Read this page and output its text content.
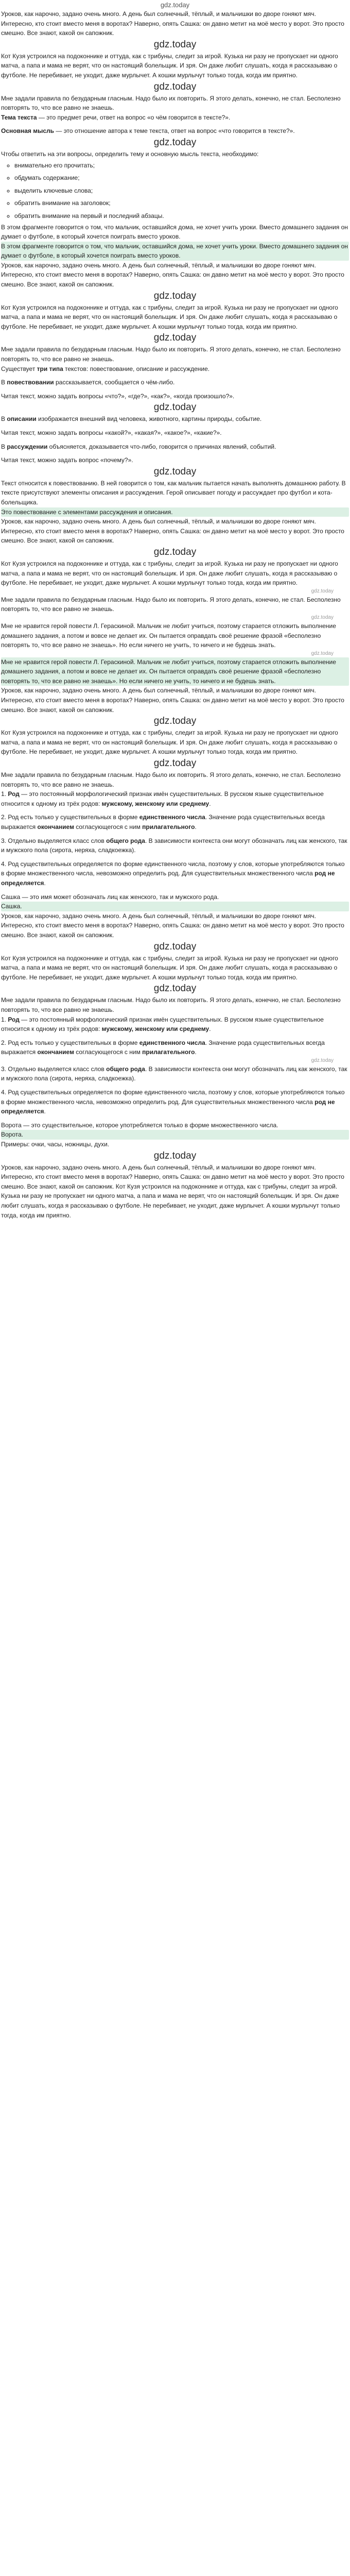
gdz.today

Уроков, как нарочно, задано очень много. А день был солнечный, тёплый, и мальчишки во дворе гоняют мяч. Интересно, кто стоит вместо меня в воротах? Наверно, опять Сашка: он давно метит на моё место у ворот. Это просто смешно. Все знают, какой он сапожник.

gdz.today

Кот Кузя устроился на подоконнике и оттуда, как с трибуны, следит за игрой. Кузька ни разу не пропускает ни одного матча, а папа и мама не верят, что он настоящий болельщик. И зря. Он даже любит слушать, когда я рассказываю о футболе. Не перебивает, не уходит, даже мурлычет. А кошки мурлычут только тогда, когда им приятно.

gdz.today

Мне задали правила по безударным гласным. Надо было их повторить. Я этого делать, конечно, не стал. Бесполезно повторять то, что все равно не знаешь.

Тема текста — это предмет речи, ответ на вопрос «о чём говорится в тексте?».

Основная мысль — это отношение автора к теме текста, ответ на вопрос «что говорится в тексте?».

gdz.today

Чтобы ответить на эти вопросы, определить тему и основную мысль текста, необходимо:

◦ внимательно его прочитать;
◦ обдумать содержание;
◦ выделить ключевые слова;
◦ обратить внимание на заголовок;
◦ обратить внимание на первый и последний абзацы.

В этом фрагменте говорится о том, что мальчик, оставшийся дома, не хочет учить уроки. Вместо домашнего задания он думает о футболе, в который хочется поиграть вместо уроков.

В этом фрагменте говорится о том, что мальчик, оставшийся дома, не хочет учить уроки. Вместо домашнего задания он думает о футболе, в который хочется поиграть вместо уроков.

Уроков, как нарочно, задано очень много. А день был солнечный, тёплый, и мальчишки во дворе гоняют мяч. Интересно, кто стоит вместо меня в воротах? Наверно, опять Сашка: он давно метит на моё место у ворот. Это просто смешно. Все знают, какой он сапожник.

gdz.today

Кот Кузя устроился на подоконнике и оттуда, как с трибуны, следит за игрой. Кузька ни разу не пропускает ни одного матча, а папа и мама не верят, что он настоящий болельщик. И зря. Он даже любит слушать, когда я рассказываю о футболе. Не перебивает, не уходит, даже мурлычет. А кошки мурлычут только тогда, когда им приятно.

gdz.today

Мне задали правила по безударным гласным. Надо было их повторить. Я этого делать, конечно, не стал. Бесполезно повторять то, что все равно не знаешь.

Существует три типа текстов: повествование, описание и рассуждение.

В повествовании рассказывается, сообщается о чём-либо.

Читая текст, можно задать вопросы «что?», «где?», «как?», «когда произошло?».

gdz.today

В описании изображается внешний вид человека, животного, картины природы, событие.

Читая текст, можно задать вопросы «какой?», «какая?», «какое?», «какие?».

В рассуждении объясняется, доказывается что-либо, говорится о причинах явлений, событий.

Читая текст, можно задать вопрос «почему?».

gdz.today

Текст относится к повествованию. В ней говорится о том, как мальчик пытается начать выполнять домашнюю работу. В тексте присутствуют элементы описания и рассуждения. Герой описывает погоду и рассуждает про футбол и кота-болельщика.

Это повествование с элементами рассуждения и описания.

Уроков, как нарочно, задано очень много. А день был солнечный, тёплый, и мальчишки во дворе гоняют мяч. Интересно, кто стоит вместо меня в воротах? Наверно, опять Сашка: он давно метит на моё место у ворот. Это просто смешно. Все знают, какой он сапожник.

gdz.today

Кот Кузя устроился на подоконнике и оттуда, как с трибуны, следит за игрой. Кузька ни разу не пропускает ни одного матча, а папа и мама не верят, что он настоящий болельщик. И зря. Он даже любит слушать, когда я рассказываю о футболе. Не перебивает, не уходит, даже мурлычет. А кошки мурлычут только тогда, когда им приятно.

gdz.today

Мне задали правила по безударным гласным. Надо было их повторить. Я этого делать, конечно, не стал. Бесполезно повторять то, что все равно не знаешь.

gdz.today

Мне не нравится герой повести Л. Гераскиной. Мальчик не любит учиться, поэтому старается отложить выполнение домашнего задания, а потом и вовсе не делает их. Он пытается оправдать своё решение фразой «бесполезно повторять то, что все равно не знаешь». Но если ничего не учить, то ничего и не будешь знать.

gdz.today

Мне не нравится герой повести Л. Гераскиной. Мальчик не любит учиться, поэтому старается отложить выполнение домашнего задания, а потом и вовсе не делает их. Он пытается оправдать своё решение фразой «бесполезно повторять то, что все равно не знаешь». Но если ничего не учить, то ничего и не будешь знать.

Уроков, как нарочно, задано очень много. А день был солнечный, тёплый, и мальчишки во дворе гоняют мяч. Интересно, кто стоит вместо меня в воротах? Наверно, опять Сашка: он давно метит на моё место у ворот. Это просто смешно. Все знают, какой он сапожник.

gdz.today

Кот Кузя устроился на подоконнике и оттуда, как с трибуны, следит за игрой. Кузька ни разу не пропускает ни одного матча, а папа и мама не верят, что он настоящий болельщик. И зря. Он даже любит слушать, когда я рассказываю о футболе. Не перебивает, не уходит, даже мурлычет. А кошки мурлычут только тогда, когда им приятно.

gdz.today

Мне задали правила по безударным гласным. Надо было их повторить. Я этого делать, конечно, не стал. Бесполезно повторять то, что все равно не знаешь.

1. Род — это постоянный морфологический признак имён существительных. В русском языке существительное относится к одному из трёх родов: мужскому, женскому или среднему.

2. Род есть только у существительных в форме единственного числа. Значение рода существительных всегда выражается окончанием согласующегося с ним прилагательного.

3. Отдельно выделяется класс слов общего рода. В зависимости контекста они могут обозначать лиц как женского, так и мужского пола (сирота, неряха, сладкоежка).

4. Род существительных определяется по форме единственного числа, поэтому у слов, которые употребляются только в форме множественного числа, невозможно определить род. Для существительных множественного числа род не определяется.

Сашка — это имя может обозначать лиц как женского, так и мужского рода.

Сашка.

Уроков, как нарочно, задано очень много. А день был солнечный, тёплый, и мальчишки во дворе гоняют мяч. Интересно, кто стоит вместо меня в воротах? Наверно, опять Сашка: он давно метит на моё место у ворот. Это просто смешно. Все знают, какой он сапожник.

gdz.today

Кот Кузя устроился на подоконнике и оттуда, как с трибуны, следит за игрой. Кузька ни разу не пропускает ни одного матча, а папа и мама не верят, что он настоящий болельщик. И зря. Он даже любит слушать, когда я рассказываю о футболе. Не перебивает, не уходит, даже мурлычет. А кошки мурлычут только тогда, когда им приятно.

gdz.today

Мне задали правила по безударным гласным. Надо было их повторить. Я этого делать, конечно, не стал. Бесполезно повторять то, что все равно не знаешь.

1. Род — это постоянный морфологический признак имён существительных. В русском языке существительное относится к одному из трёх родов: мужскому, женскому или среднему.

2. Род есть только у существительных в форме единственного числа. Значение рода существительных всегда выражается окончанием согласующегося с ним прилагательного.

gdz.today

3. Отдельно выделяется класс слов общего рода. В зависимости контекста они могут обозначать лиц как женского, так и мужского пола (сирота, неряха, сладкоежка).

4. Род существительных определяется по форме единственного числа, поэтому у слов, которые употребляются только в форме множественного числа, невозможно определить род. Для существительных множественного числа род не определяется.

Ворота — это существительное, которое употребляется только в форме множественного числа.

Ворота.

Примеры: очки, часы, ножницы, духи.

gdz.today

Уроков, как нарочно, задано очень много. А день был солнечный, тёплый, и мальчишки во дворе гоняют мяч. Интересно, кто стоит вместо меня в воротах? Наверно, опять Сашка: он давно метит на моё место у ворот. Это просто смешно. Все знают, какой он сапожник. Кот Кузя устроился на подоконнике и оттуда, как с трибуны, следит за игрой. Кузька ни разу не пропускает ни одного матча, а папа и мама не верят, что он настоящий болельщик. И зря. Он даже любит слушать, когда я рассказываю о футболе. Не перебивает, не уходит, даже мурлычет. А кошки мурлычут только тогда, когда им приятно.
